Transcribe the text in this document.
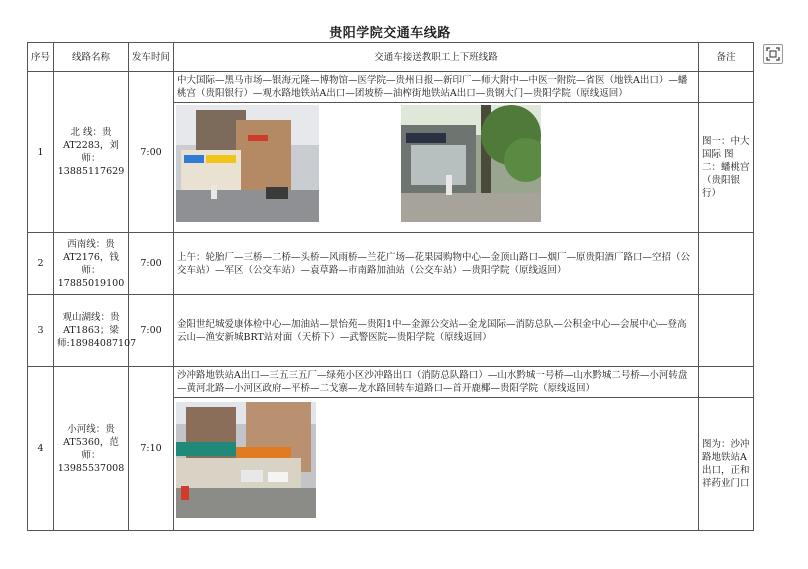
贵阳学院交通车线路
序号	线路名称	发车时间	交通车接送教职工上下班线路	备注
1	北 线：贵AT2283，刘师：13885117629	7:00	中大国际—黑马市场—银海元隆—博物馆—医学院—贵州日报—新印厂—师大附中—中医一附院—省医（地铁A出口）—蟠桃宫（贵阳银行）—观水路地铁站A出口—团坡桥—油榨街地铁站A出口—贵钢大门—贵阳学院（原线返回）	

	图一：中大国际 图二：蟠桃宫（贵阳银行）
2	西南线：贵AT2176，钱师：17885019100	7:00	上午：轮胎厂—三桥—二桥—头桥—风雨桥—兰花广场—花果园购物中心—金顶山路口—烟厂—原贵阳酒厂路口—空招（公交车站）—军区（公交车站）—袁草路—市南路加油站（公交车站）—贵阳学院（原线返回）	
3	观山湖线：贵AT1863；梁师:18984087107	7:00	金阳世纪城爱康体检中心—加油站—景怡苑—贵阳1中—金源公交站—金龙国际—消防总队—公积金中心—会展中心—登高云山—渔安新城BRT站对面（天桥下）—武警医院—贵阳学院（原线返回）	
4	小河线：贵AT5360，范师：13985537008	7:10	沙冲路地铁站A出口—三五三五厂—绿苑小区沙冲路出口（消防总队路口）—山水黔城一号桥—山水黔城二号桥—小河转盘—黄河北路—小河区政府—平桥—二戈寨—龙水路回转车道路口—首开鹿椰—贵阳学院（原线返回）	

	图为：沙冲路地铁站A出口，正和祥药业门口
